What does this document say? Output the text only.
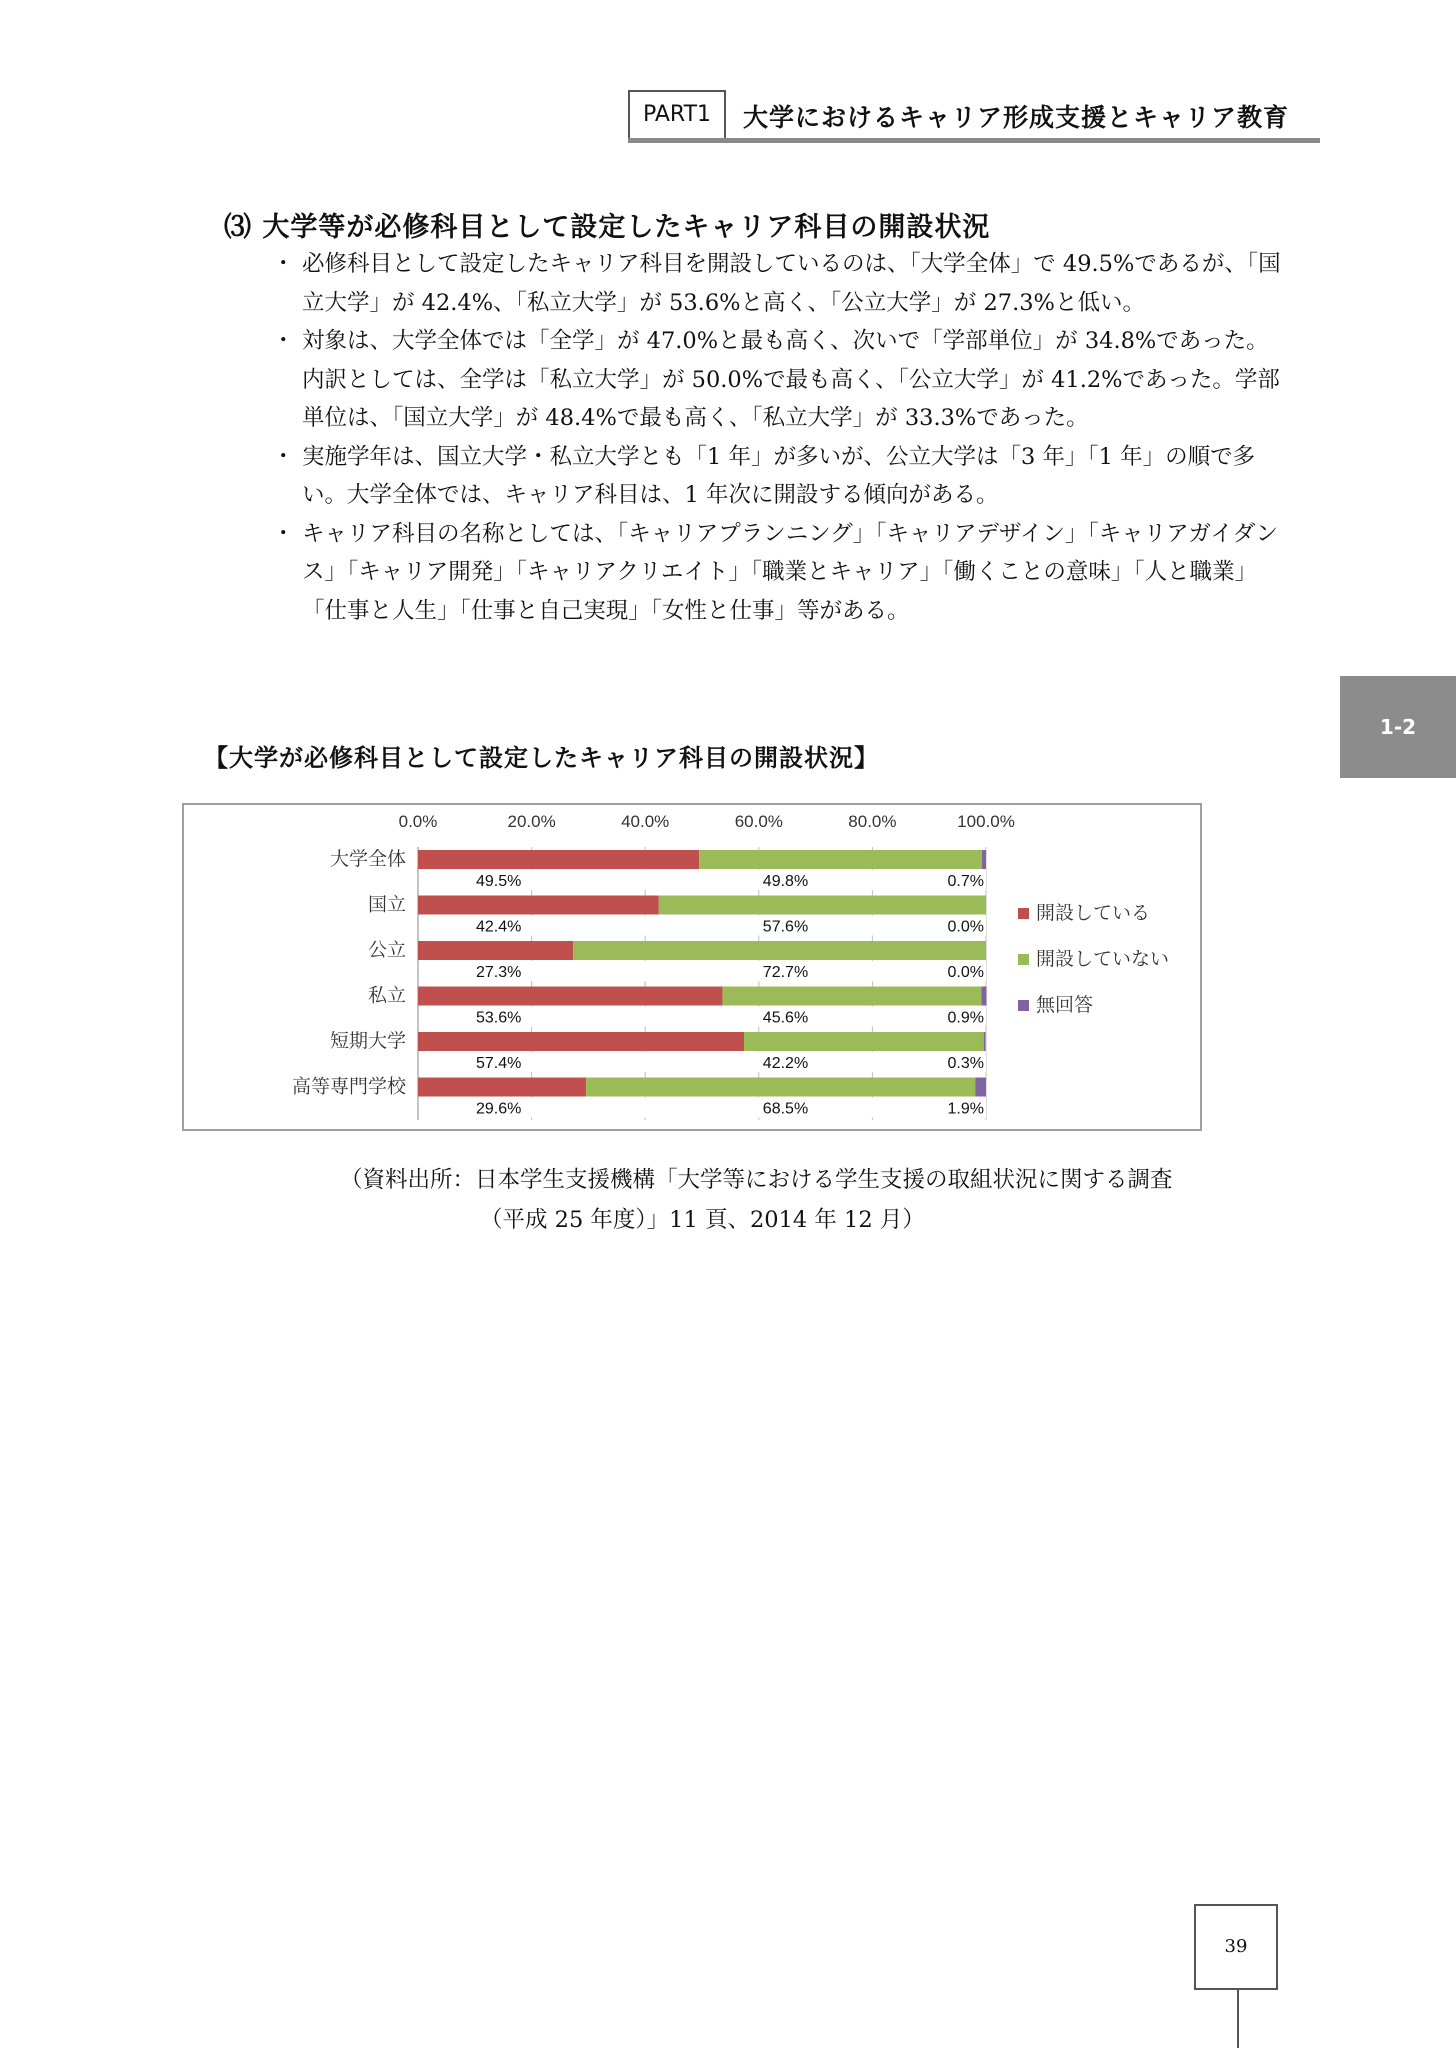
PART1	大学におけるキャリア形成支援とキャリア教育
⑶ 大学等が必修科目として設定したキャリア科目の開設状況

・ 必修科目として設定したキャリア科目を開設しているのは、「大学全体」で 49.5%であるが、「国立大学」が 42.4%、「私立大学」が 53.6%と高く、「公立大学」が 27.3%と低い。

・ 対象は、大学全体では「全学」が 47.0%と最も高く、次いで「学部単位」が 34.8%であった。内訳としては、全学は「私立大学」が 50.0%で最も高く、「公立大学」が 41.2%であった。学部単位は、「国立大学」が 48.4%で最も高く、「私立大学」が 33.3%であった。

・ 実施学年は、国立大学・私立大学とも「1 年」が多いが、公立大学は「3 年」「1 年」の順で多い。大学全体では、キャリア科目は、1 年次に開設する傾向がある。

・ キャリア科目の名称としては、「キャリアプランニング」「キャリアデザイン」「キャリアガイダンス」「キャリア開発」「キャリアクリエイト」「職業とキャリア」「働くことの意味」「人と職業」「仕事と人生」「仕事と自己実現」「女性と仕事」等がある。

1-2
【大学が必修科目として設定したキャリア科目の開設状況】
0.0%	20.0%	40.0%	60.0%	80.0%	100.0%
大学全体
49.5%	49.8%	0.7%
国立
42.4%	57.6%	0.0%
公立
27.3%	72.7%	0.0%
私立
53.6%	45.6%	0.9%
短期大学
57.4%	42.2%	0.3%
高等専門学校
29.6%	68.5%	1.9%
開設している
開設していない
無回答
（資料出所：日本学生支援機構「大学等における学生支援の取組状況に関する調査
（平成 25 年度）」11 頁、2014 年 12 月）
39
